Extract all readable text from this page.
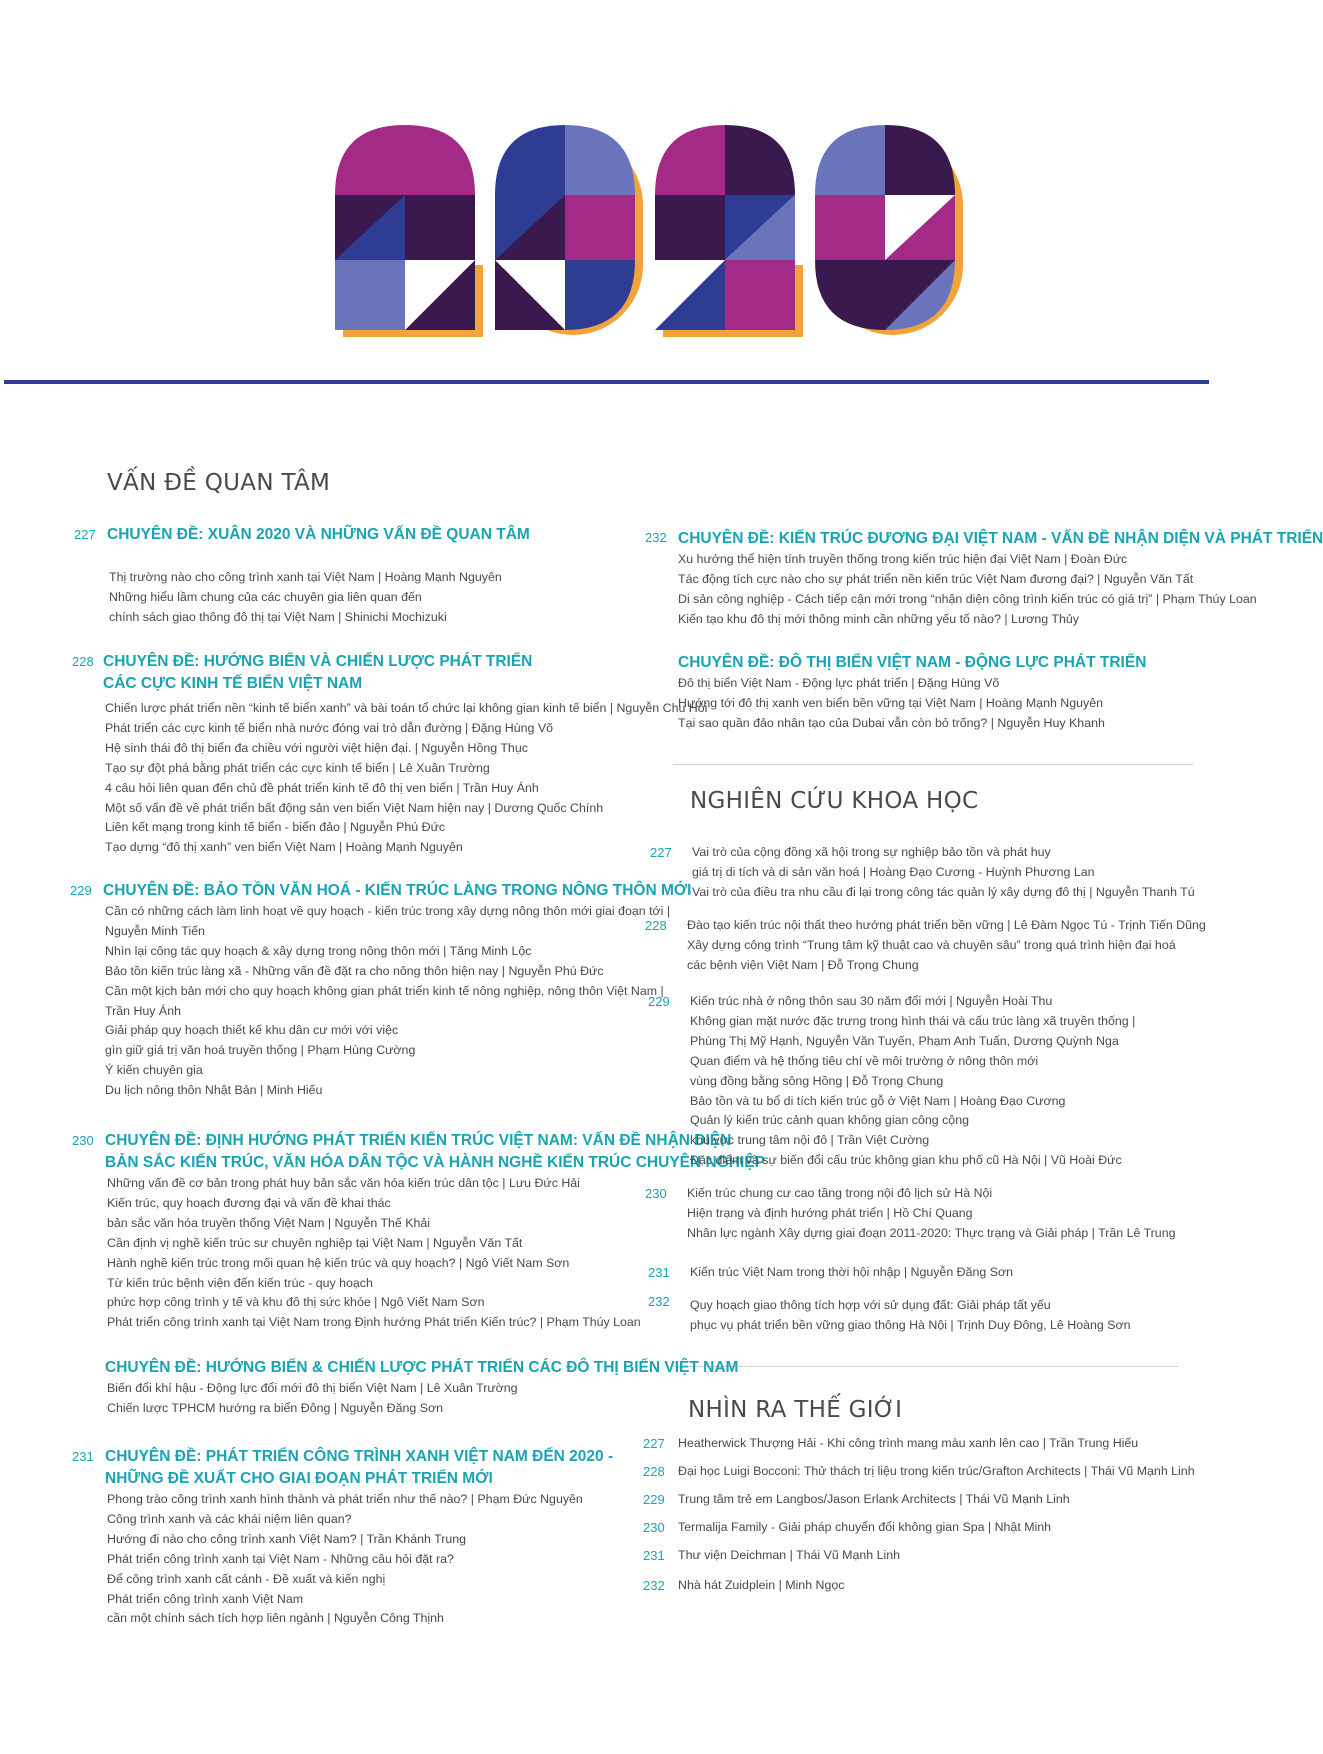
VẤN ĐỀ QUAN TÂM
NGHIÊN CỨU KHOA HỌC
NHÌN RA THẾ GIỚI
227 CHUYÊN ĐỀ: XUÂN 2020 VÀ NHỮNG VẤN ĐỀ QUAN TÂM
Thị trường nào cho công trình xanh tại Việt Nam | Hoàng Mạnh Nguyên
Những hiểu lầm chung của các chuyên gia liên quan đến
chính sách giao thông đô thị tại Việt Nam | Shinichi Mochizuki
228 CHUYÊN ĐỀ: HƯỚNG BIỂN VÀ CHIẾN LƯỢC PHÁT TRIỂN
CÁC CỰC KINH TẾ BIỂN VIỆT NAM
Chiến lược phát triển nền “kinh tế biển xanh” và bài toán tổ chức lại không gian kinh tế biển | Nguyễn Chu Hồi
Phát triển các cực kinh tế biển nhà nước đóng vai trò dẫn đường | Đặng Hùng Võ
Hệ sinh thái đô thị biển đa chiều với người việt hiện đại. | Nguyễn Hồng Thục
Tạo sự đột phá bằng phát triển các cực kinh tế biển | Lê Xuân Trường
4 câu hỏi liên quan đến chủ đề phát triển kinh tế đô thị ven biển | Trần Huy Ánh
Một số vấn đề về phát triển bất động sản ven biển Việt Nam hiện nay | Dương Quốc Chính
Liên kết mạng trong kinh tế biển - biển đảo | Nguyễn Phú Đức
Tạo dựng “đô thị xanh” ven biển Việt Nam | Hoàng Mạnh Nguyên
229 CHUYÊN ĐỀ: BẢO TỒN VĂN HOÁ - KIẾN TRÚC LÀNG TRONG NÔNG THÔN MỚI
Cần có những cách làm linh hoạt về quy hoạch - kiến trúc trong xây dựng nông thôn mới giai đoạn tới |
Nguyễn Minh Tiến
Nhìn lại công tác quy hoạch & xây dựng trong nông thôn mới | Tăng Minh Lộc
Bảo tồn kiến trúc làng xã - Những vấn đề đặt ra cho nông thôn hiện nay | Nguyễn Phú Đức
Cần một kịch bản mới cho quy hoạch không gian phát triển kinh tế nông nghiệp, nông thôn Việt Nam |
Trần Huy Ánh
Giải pháp quy hoạch thiết kế khu dân cư mới với việc
gìn giữ giá trị văn hoá truyền thống | Phạm Hùng Cường
Ý kiến chuyên gia
Du lịch nông thôn Nhật Bản | Minh Hiếu
230 CHUYÊN ĐỀ: ĐỊNH HƯỚNG PHÁT TRIỂN KIẾN TRÚC VIỆT NAM: VẤN ĐỀ NHẬN DIỆN
BẢN SẮC KIẾN TRÚC, VĂN HÓA DÂN TỘC VÀ HÀNH NGHỀ KIẾN TRÚC CHUYÊN NGHIỆP
Những vấn đề cơ bản trong phát huy bản sắc văn hóa kiến trúc dân tộc | Lưu Đức Hải
Kiến trúc, quy hoạch đương đại và vấn đề khai thác
bản sắc văn hóa truyền thống Việt Nam | Nguyễn Thế Khải
Cần định vị nghề kiến trúc sư chuyên nghiệp tại Việt Nam | Nguyễn Văn Tất
Hành nghề kiến trúc trong mối quan hệ kiến trúc và quy hoạch? | Ngô Viết Nam Sơn
Từ kiến trúc bệnh viện đến kiến trúc - quy hoạch
phức hợp công trình y tế và khu đô thị sức khỏe | Ngô Viết Nam Sơn
Phát triển công trình xanh tại Việt Nam trong Định hướng Phát triển Kiến trúc? | Phạm Thúy Loan
CHUYÊN ĐỀ: HƯỚNG BIỂN & CHIẾN LƯỢC PHÁT TRIỂN CÁC ĐÔ THỊ BIỂN VIỆT NAM
Biến đổi khí hậu - Động lực đổi mới đô thị biển Việt Nam | Lê Xuân Trường
Chiến lược TPHCM hướng ra biển Đông | Nguyễn Đăng Sơn
231 CHUYÊN ĐỀ: PHÁT TRIỂN CÔNG TRÌNH XANH VIỆT NAM ĐẾN 2020 -
NHỮNG ĐỀ XUẤT CHO GIAI ĐOẠN PHÁT TRIỂN MỚI
Phong trào công trình xanh hình thành và phát triển như thế nào? | Phạm Đức Nguyên
Công trình xanh và các khái niệm liên quan?
Hướng đi nào cho công trình xanh Việt Nam? | Trần Khánh Trung
Phát triển công trình xanh tại Việt Nam - Những câu hỏi đặt ra?
Để công trình xanh cất cánh - Đề xuất và kiến nghị
Phát triển công trình xanh Việt Nam
cần một chính sách tích hợp liên ngành | Nguyễn Công Thịnh
232 CHUYÊN ĐỀ: KIẾN TRÚC ĐƯƠNG ĐẠI VIỆT NAM - VẤN ĐỀ NHẬN DIỆN VÀ PHÁT TRIỂN
Xu hướng thể hiện tính truyền thống trong kiến trúc hiện đại Việt Nam | Đoàn Đức
Tác động tích cực nào cho sự phát triển nền kiến trúc Việt Nam đương đại? | Nguyễn Văn Tất
Di sản công nghiệp - Cách tiếp cận mới trong “nhận diện công trình kiến trúc có giá trị” | Phạm Thúy Loan
Kiến tạo khu đô thị mới thông minh cần những yếu tố nào? | Lương Thủy
CHUYÊN ĐỀ: ĐÔ THỊ BIỂN VIỆT NAM - ĐỘNG LỰC PHÁT TRIỂN
Đô thị biển Việt Nam - Động lực phát triển | Đặng Hùng Võ
Hướng tới đô thị xanh ven biển bền vững tại Việt Nam | Hoàng Mạnh Nguyên
Tại sao quần đảo nhân tạo của Dubai vẫn còn bỏ trống? | Nguyễn Huy Khanh
227 Vai trò của cộng đồng xã hội trong sự nghiệp bảo tồn và phát huy
giá trị di tích và di sản văn hoá | Hoàng Đạo Cương - Huỳnh Phương Lan
Vai trò của điều tra nhu cầu đi lại trong công tác quản lý xây dựng đô thị | Nguyễn Thanh Tú
228 Đào tạo kiến trúc nội thất theo hướng phát triển bền vững | Lê Đàm Ngọc Tú - Trịnh Tiến Dũng
Xây dựng công trình “Trung tâm kỹ thuật cao và chuyên sâu” trong quá trình hiện đại hoá
các bệnh viện Việt Nam | Đỗ Trọng Chung
229 Kiến trúc nhà ở nông thôn sau 30 năm đổi mới | Nguyễn Hoài Thu
Không gian mặt nước đặc trưng trong hình thái và cấu trúc làng xã truyền thống |
Phùng Thị Mỹ Hạnh, Nguyễn Văn Tuyến, Phạm Anh Tuấn, Dương Quỳnh Nga
Quan điểm và hệ thống tiêu chí về môi trường ở nông thôn mới
vùng đồng bằng sông Hồng | Đỗ Trọng Chung
Bảo tồn và tu bổ di tích kiến trúc gỗ ở Việt Nam | Hoàng Đạo Cương
Quản lý kiến trúc cảnh quan không gian công cộng
khu vực trung tâm nội đô | Trần Việt Cường
Đặc điểm và sự biến đổi cấu trúc không gian khu phố cũ Hà Nội | Vũ Hoài Đức
230 Kiến trúc chung cư cao tầng trong nội đô lịch sử Hà Nội
Hiện trạng và định hướng phát triển | Hồ Chí Quang
Nhân lực ngành Xây dựng giai đoạn 2011-2020: Thực trạng và Giải pháp | Trần Lê Trung
231 Kiến trúc Việt Nam trong thời hội nhập | Nguyễn Đăng Sơn
232 Quy hoạch giao thông tích hợp với sử dụng đất: Giải pháp tất yếu
phục vụ phát triển bền vững giao thông Hà Nội | Trịnh Duy Đông, Lê Hoàng Sơn
227 Heatherwick Thượng Hải - Khi công trình mang màu xanh lên cao | Trần Trung Hiếu
228 Đại học Luigi Bocconi: Thử thách trị liệu trong kiến trúc/Grafton Architects | Thái Vũ Mạnh Linh
229 Trung tâm trẻ em Langbos/Jason Erlank Architects | Thái Vũ Mạnh Linh
230 Termalija Family - Giải pháp chuyển đổi không gian Spa | Nhật Minh
231 Thư viện Deichman | Thái Vũ Mạnh Linh
232 Nhà hát Zuidplein | Minh Ngọc
